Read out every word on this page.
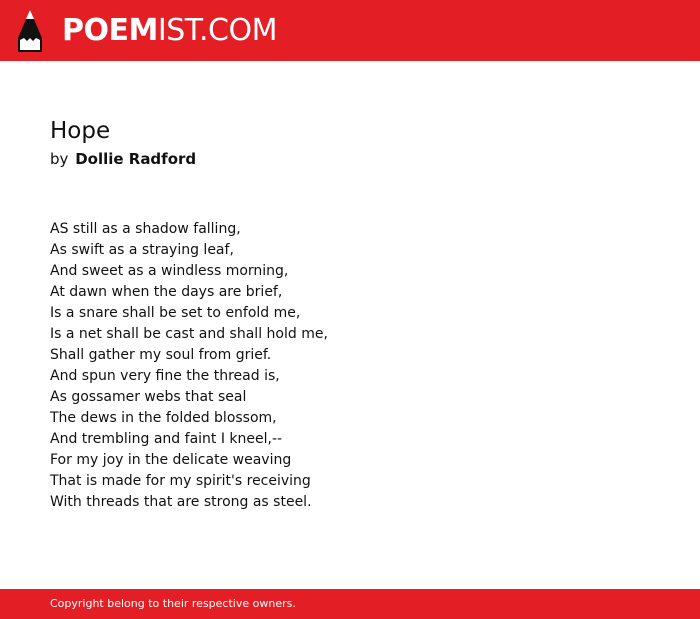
POEMIST.COM
Hope
by Dollie Radford
AS still as a shadow falling,
As swift as a straying leaf,
And sweet as a windless morning,
At dawn when the days are brief,
Is a snare shall be set to enfold me,
Is a net shall be cast and shall hold me,
Shall gather my soul from grief.
And spun very fine the thread is,
As gossamer webs that seal
The dews in the folded blossom,
And trembling and faint I kneel,--
For my joy in the delicate weaving
That is made for my spirit's receiving
With threads that are strong as steel.
Copyright belong to their respective owners.
